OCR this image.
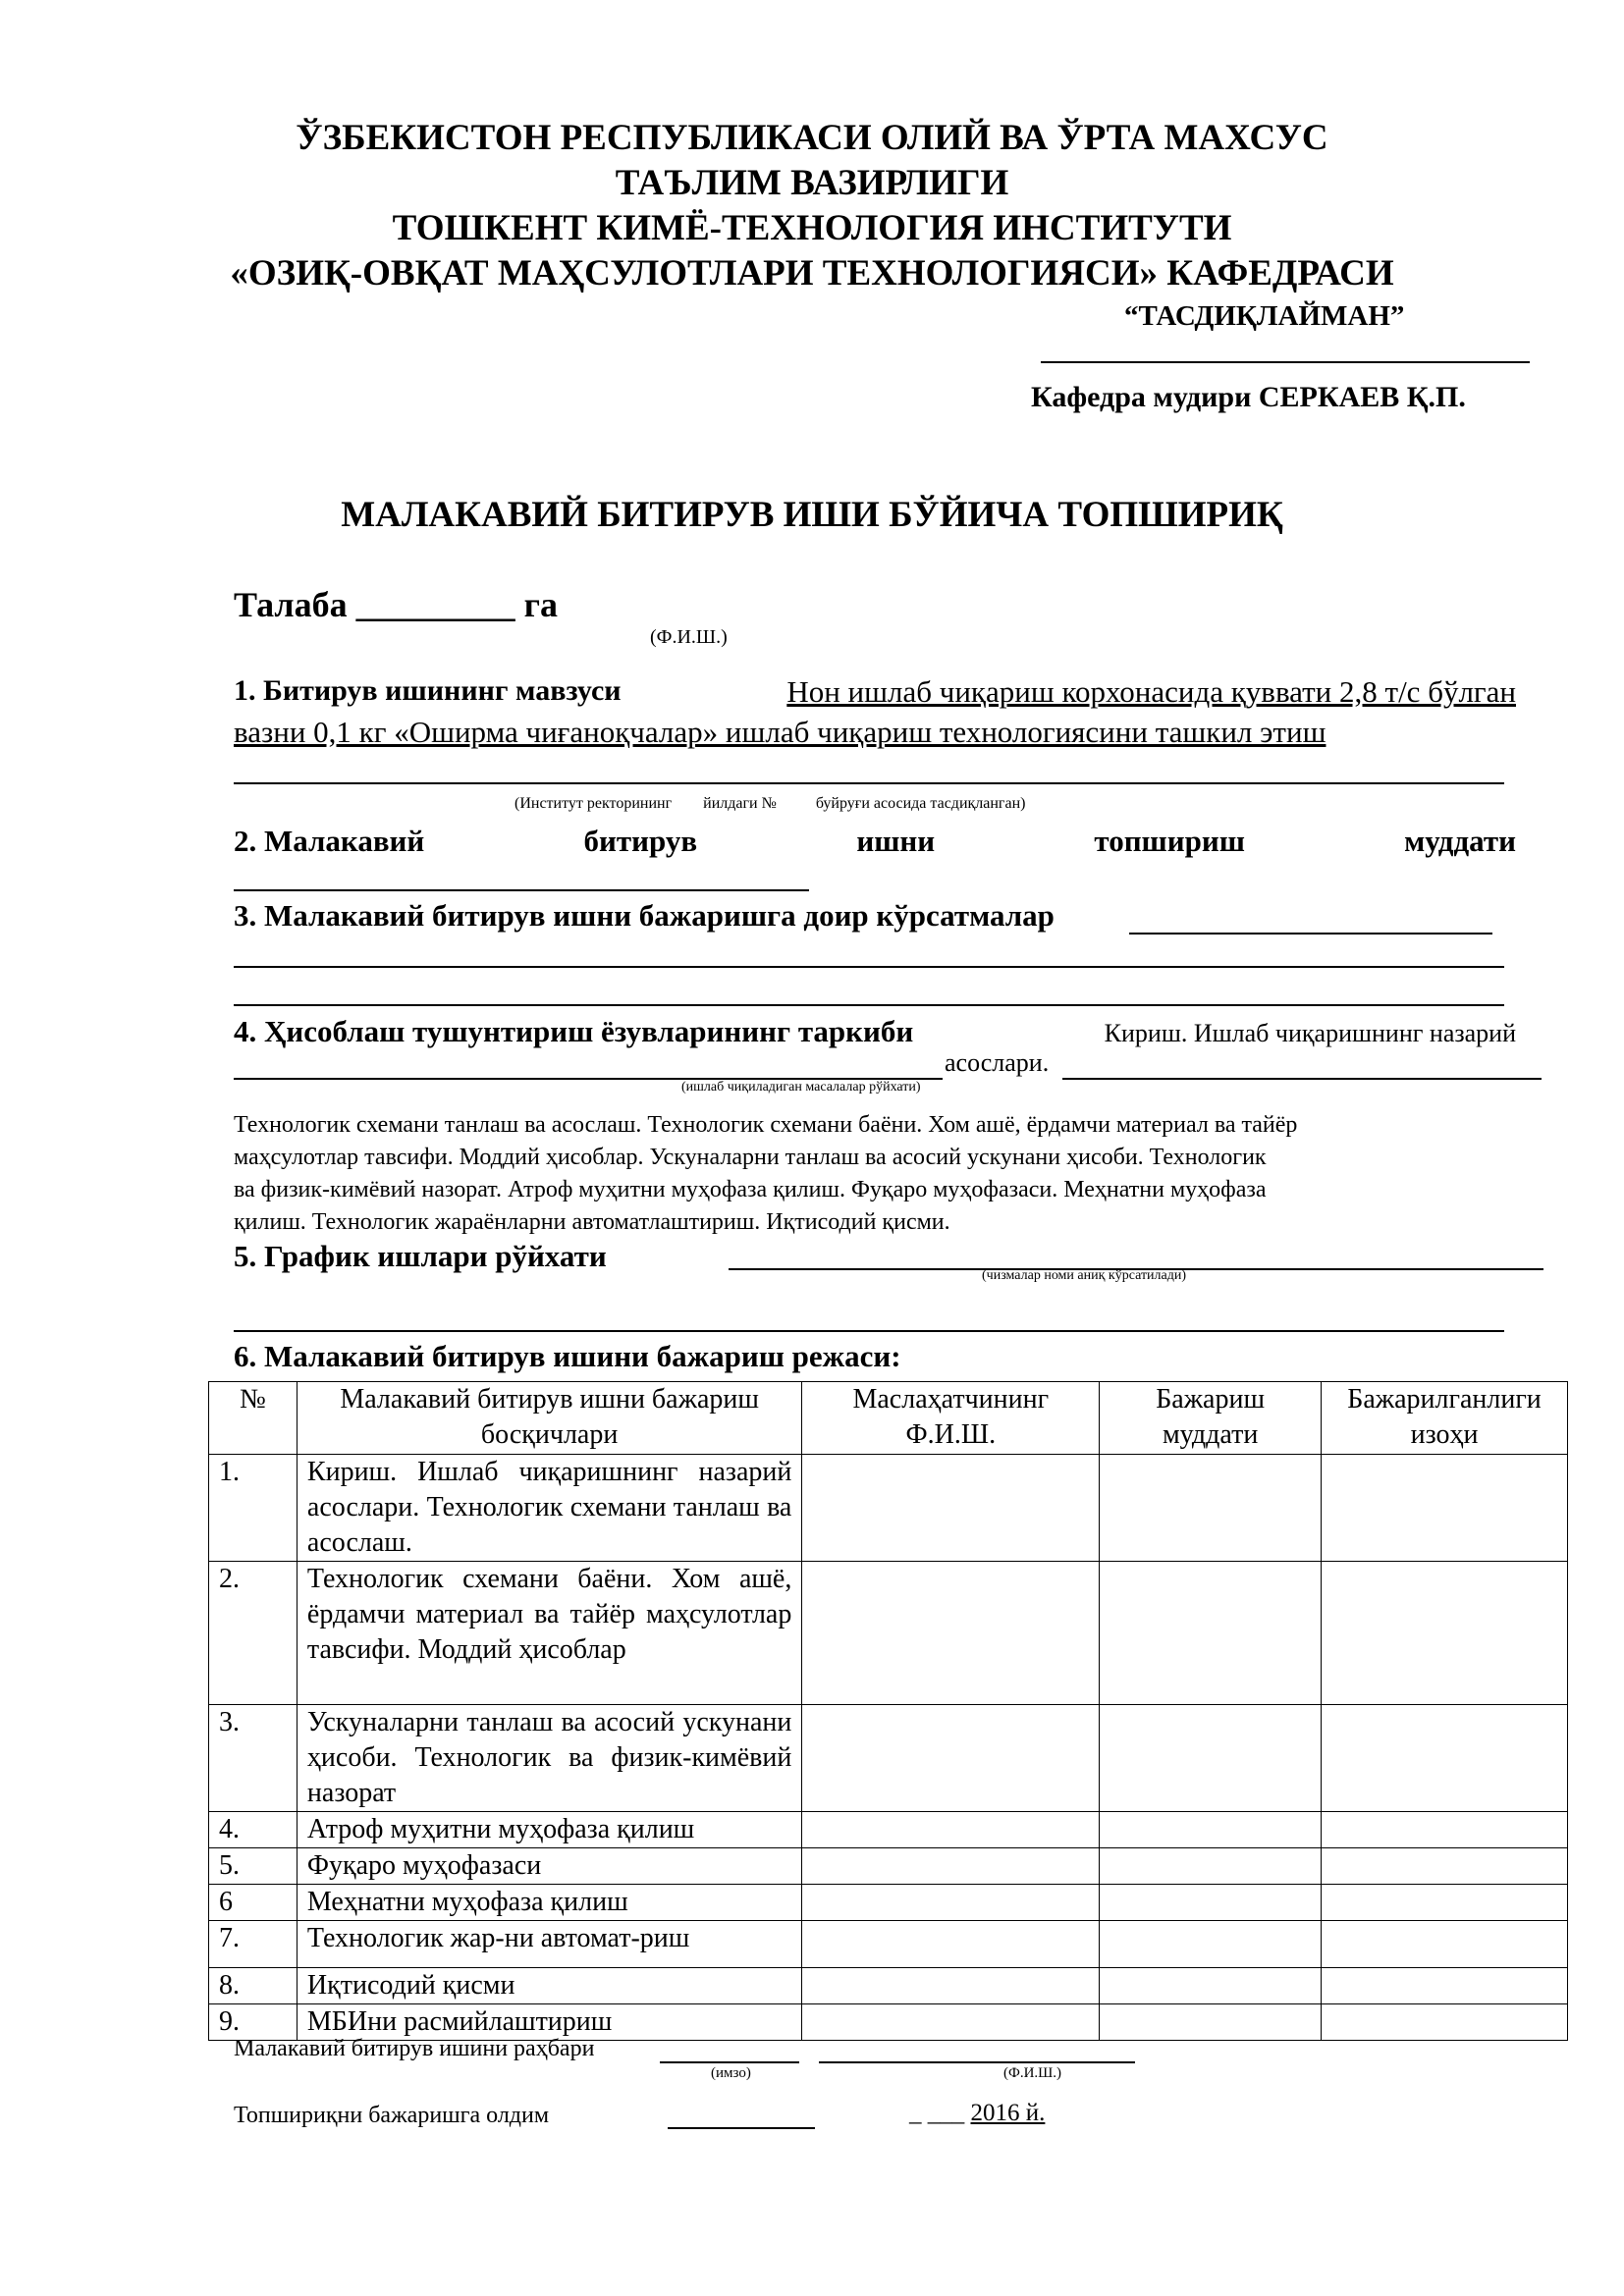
ЎЗБЕКИСТОН РЕСПУБЛИКАСИ ОЛИЙ ВА ЎРТА МАХСУС
ТАЪЛИМ ВАЗИРЛИГИ
ТОШКЕНТ КИМЁ-ТЕХНОЛОГИЯ ИНСТИТУТИ
«ОЗИҚ-ОВҚАТ МАҲСУЛОТЛАРИ ТЕХНОЛОГИЯСИ» КАФЕДРАСИ
“ТАСДИҚЛАЙМАН”
Кафедра мудири СЕРКАЕВ Қ.П.
МАЛАКАВИЙ БИТИРУВ ИШИ БЎЙИЧА ТОПШИРИҚ
Талаба _________ га
(Ф.И.Ш.)
1. Битирув ишининг мавзуси	Нон ишлаб чиқариш корхонасида қуввати 2,8 т/с бўлган
вазни 0,1 кг «Оширма чиғаноқчалар» ишлаб чиқариш технологиясини ташкил этиш
(Институт ректорининг йилдаги №	буйруғи асосида тасдиқланган)
2. Малакавий	битирув	ишни	топшириш	муддати
3. Малакавий битирув ишни бажаришга доир кўрсатмалар
4. Ҳисоблаш тушунтириш ёзувларининг таркиби	Кириш. Ишлаб чиқаришнинг назарий
асослари.
(ишлаб чиқиладиган масалалар рўйхати)
Технологик схемани танлаш ва асослаш. Технологик схемани баёни. Хом ашё, ёрдамчи материал ва тайёр
маҳсулотлар тавсифи. Моддий ҳисоблар. Ускуналарни танлаш ва асосий ускунани ҳисоби. Технологик
ва физик-кимёвий назорат. Атроф муҳитни муҳофаза қилиш. Фуқаро муҳофазаси. Меҳнатни муҳофаза
қилиш. Технологик жараёнларни автоматлаштириш. Иқтисодий қисми.
5. График ишлари рўйхати
(чизмалар номи аниқ кўрсатилади)
6. Малакавий битирув ишини бажариш режаси:
№	Малакавий битирув ишни бажариш босқичлари	Маслаҳатчининг Ф.И.Ш.	Бажариш муддати	Бажарилганлиги изоҳи
1.	Кириш. Ишлаб чиқаришнинг назарий асослари. Технологик схемани танлаш ва асослаш.			
2.	Технологик схемани баёни. Хом ашё, ёрдамчи материал ва тайёр маҳсулотлар тавсифи. Моддий ҳисоблар			
3.	Ускуналарни танлаш ва асосий ускунани ҳисоби. Технологик ва физик-кимёвий назорат			
4.	Атроф муҳитни муҳофаза қилиш			
5.	Фуқаро муҳофазаси			
6	Меҳнатни муҳофаза қилиш			
7.	Технологик жар-ни автомат-риш			
8.	Иқтисодий қисми			
9.	МБИни расмийлаштириш			
Малакавий битирув ишини раҳбари
(имзо)	(Ф.И.Ш.)
Топшириқни бажаришга олдим	_ ___ 2016 й.
